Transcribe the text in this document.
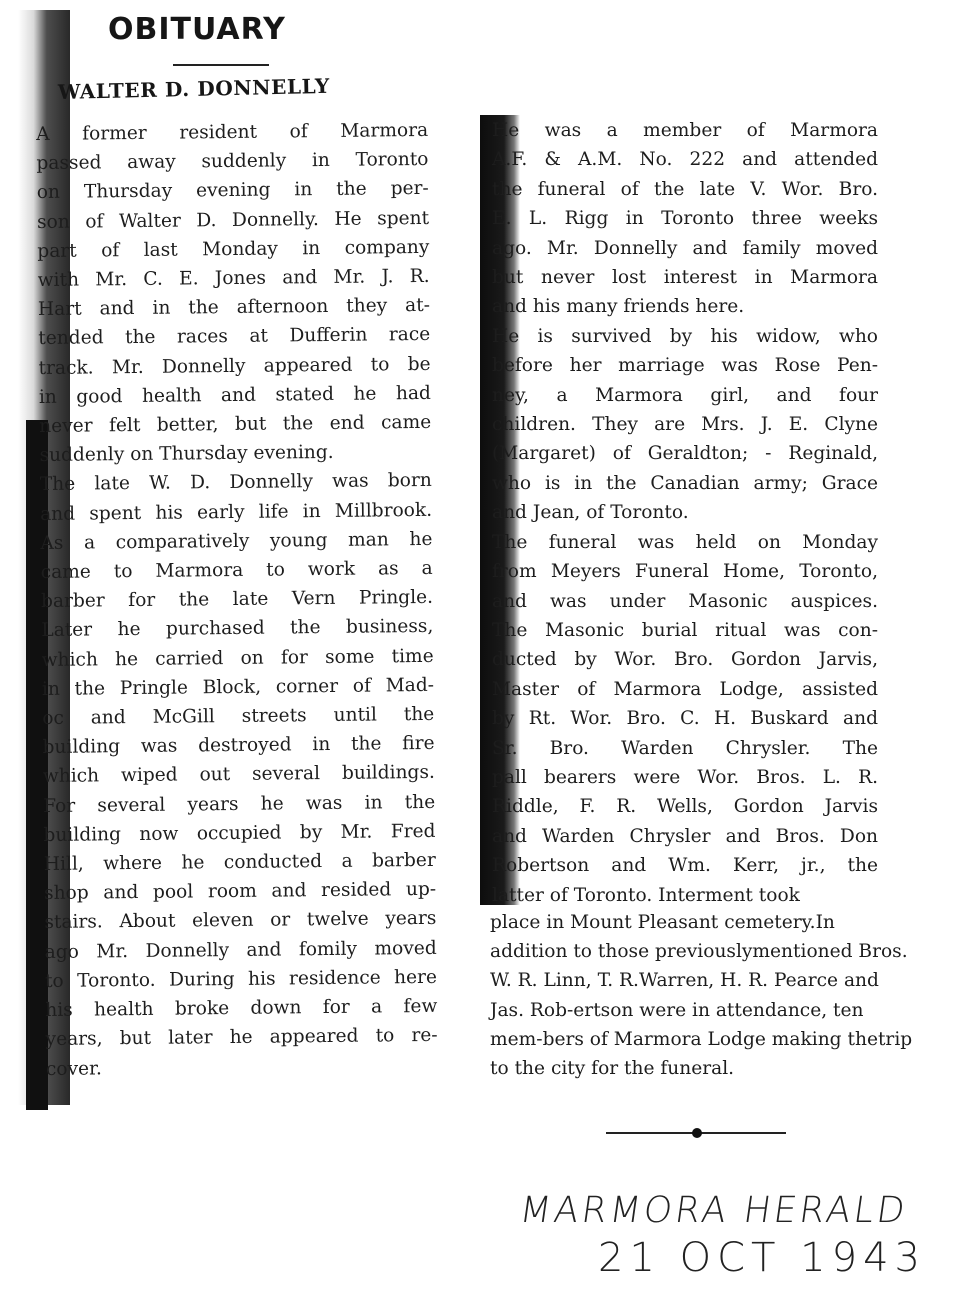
A former resident of Marmora
passed away suddenly in Toronto
on Thursday evening in the per-
son of Walter D. Donnelly. He spent
part of last Monday in company
with Mr. C. E. Jones and Mr. J. R.
Hart and in the afternoon they at-
tended the races at Dufferin race
track. Mr. Donnelly appeared to be
in good health and stated he had
never felt better, but the end came
suddenly on Thursday evening.
The late W. D. Donnelly was born
and spent his early life in Millbrook.
As a comparatively young man he
came to Marmora to work as a
barber for the late Vern Pringle.
Later he purchased the business,
which he carried on for some time
in the Pringle Block, corner of Mad-
oc and McGill streets until the
building was destroyed in the fire
which wiped out several buildings.
For several years he was in the
building now occupied by Mr. Fred
Hill, where he conducted a barber
shop and pool room and resided up-
stairs. About eleven or twelve years
ago Mr. Donnelly and fomily moved
to Toronto. During his residence here
his health broke down for a few
years, but later he appeared to re-
cover.
OBITUARY
WALTER D. DONNELLY
He was a member of Marmora
A.F. & A.M. No. 222 and attended
the funeral of the late V. Wor. Bro.
E. L. Rigg in Toronto three weeks
ago. Mr. Donnelly and family moved
but never lost interest in Marmora
and his many friends here.
He is survived by his widow, who
before her marriage was Rose Pen-
ney, a Marmora girl, and four
children. They are Mrs. J. E. Clyne
(Margaret) of Geraldton; - Reginald,
who is in the Canadian army; Grace
and Jean, of Toronto.
The funeral was held on Monday
from Meyers Funeral Home, Toronto,
and was under Masonic auspices.
The Masonic burial ritual was con-
ducted by Wor. Bro. Gordon Jarvis,
Master of Marmora Lodge, assisted
by Rt. Wor. Bro. C. H. Buskard and
Sr. Bro. Warden Chrysler. The
pall bearers were Wor. Bros. L. R.
Riddle, F. R. Wells, Gordon Jarvis
and Warden Chrysler and Bros. Don
Robertson and Wm. Kerr, jr., the
latter of Toronto. Interment took
place in Mount Pleasant cemetery.In addition to those previouslymentioned Bros. W. R. Linn, T. R.Warren, H. R. Pearce and Jas. Rob-ertson were in attendance, ten mem-bers of Marmora Lodge making thetrip to the city for the funeral.
MARMORA HERALD
21 OCT 1943
